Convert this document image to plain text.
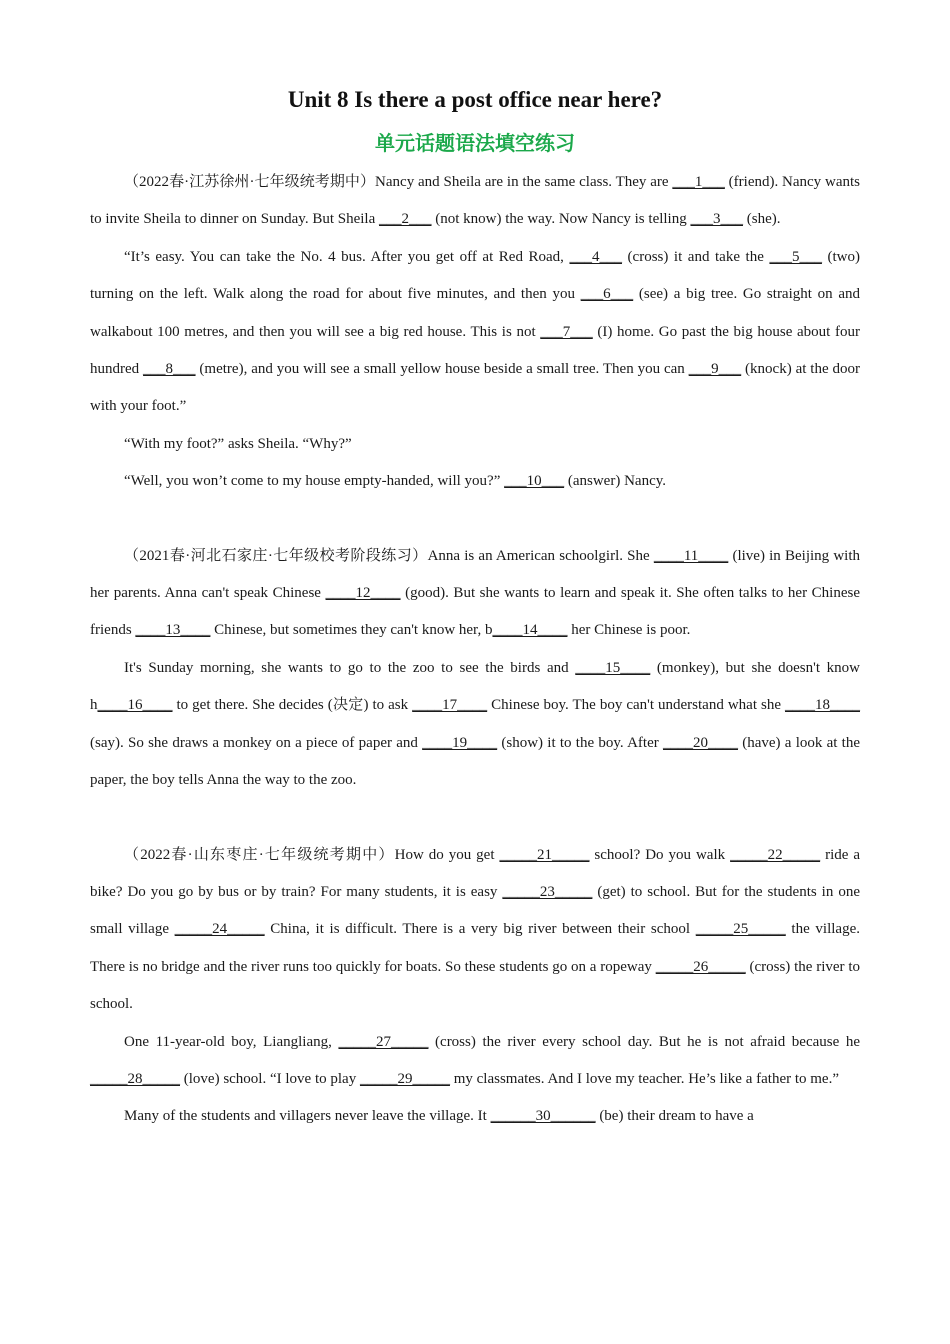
Unit 8 Is there a post office near here?
单元话题语法填空练习

（2022春·江苏徐州·七年级统考期中）Nancy and Sheila are in the same class. They are ___1___ (friend). Nancy wants to invite Sheila to dinner on Sunday. But Sheila ___2___ (not know) the way. Now Nancy is telling ___3___ (she).

“It’s easy. You can take the No. 4 bus. After you get off at Red Road, ___4___ (cross) it and take the ___5___ (two) turning on the left. Walk along the road for about five minutes, and then you ___6___ (see) a big tree. Go straight on and walkabout 100 metres, and then you will see a big red house. This is not ___7___ (I) home. Go past the big house about four hundred ___8___ (metre), and you will see a small yellow house beside a small tree. Then you can ___9___ (knock) at the door with your foot.”

“With my foot?” asks Sheila. “Why?”

“Well, you won’t come to my house empty-handed, will you?” ___10___ (answer) Nancy.

（2021春·河北石家庄·七年级校考阶段练习）Anna is an American schoolgirl. She ____11____ (live) in Beijing with her parents. Anna can't speak Chinese ____12____ (good). But she wants to learn and speak it. She often talks to her Chinese friends ____13____ Chinese, but sometimes they can't know her, b____14____ her Chinese is poor.

It's Sunday morning, she wants to go to the zoo to see the birds and ____15____ (monkey), but she doesn't know h____16____ to get there. She decides (决定) to ask ____17____ Chinese boy. The boy can't understand what she ____18____ (say). So she draws a monkey on a piece of paper and ____19____ (show) it to the boy. After ____20____ (have) a look at the paper, the boy tells Anna the way to the zoo.

（2022春·山东枣庄·七年级统考期中）How do you get _____21_____ school? Do you walk _____22_____ ride a bike? Do you go by bus or by train? For many students, it is easy _____23_____ (get) to school. But for the students in one small village _____24_____ China, it is difficult. There is a very big river between their school _____25_____ the village. There is no bridge and the river runs too quickly for boats. So these students go on a ropeway _____26_____ (cross) the river to school.

One 11-year-old boy, Liangliang, _____27_____ (cross) the river every school day. But he is not afraid because he _____28_____ (love) school. “I love to play _____29_____ my classmates. And I love my teacher. He’s like a father to me.”

Many of the students and villagers never leave the village. It ______30______ (be) their dream to have a
